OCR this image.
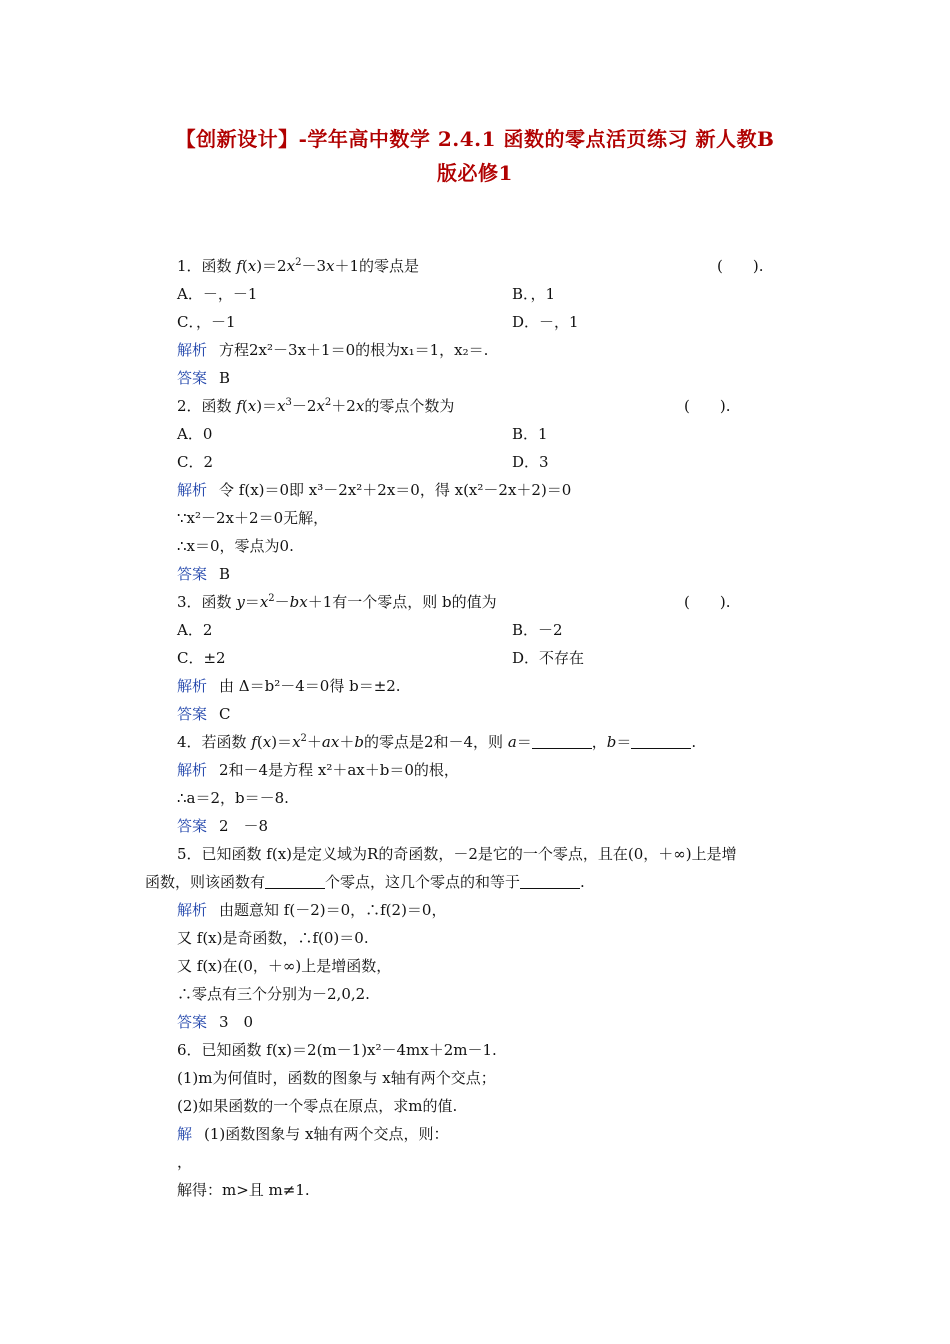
【创新设计】-学年高中数学 2.4.1 函数的零点活页练习 新人教B
版必修1
1．函数 $f(x)=2x^2-3x+1$的零点是	(　　).
A．－，－1	B．，1
C．，－1	D．－，1
解析 方程2x²－3x＋1＝0的根为x₁＝1，x₂＝.
答案 B
2．函数 $f(x)=x^3-2x^2+2x$的零点个数为	(　　).
A．0	B．1
C．2	D．3
解析 令 f(x)＝0即 x³－2x²＋2x＝0，得 x(x²－2x＋2)＝0
∵x²－2x＋2＝0无解，
∴x＝0，零点为0.
答案 B
3．函数 $y=x^2-bx+1$有一个零点，则 b的值为	(　　).
A．2	B．－2
C．±2	D．不存在
解析 由 Δ＝b²－4＝0得 b＝±2.
答案 C
4．若函数 $f(x)=x^2+ax+b$的零点是2和－4，则 a＝	，b＝	.
解析 2和－4是方程 x²＋ax＋b＝0的根，
∴a＝2，b＝－8.
答案 2　－8
5．已知函数 f(x)是定义域为R的奇函数，－2是它的一个零点，且在(0，＋∞)上是增
函数，则该函数有	个零点，这几个零点的和等于	.
解析 由题意知 f(－2)＝0，∴f(2)＝0，
又 f(x)是奇函数，∴f(0)＝0.
又 f(x)在(0，＋∞)上是增函数，
∴零点有三个分别为－2,0,2.
答案 3　0
6．已知函数 f(x)＝2(m－1)x²－4mx＋2m－1.
(1)m为何值时，函数的图象与 x轴有两个交点；
(2)如果函数的一个零点在原点，求m的值.
解 (1)函数图象与 x轴有两个交点，则：
，
解得：m>且 m≠1.
